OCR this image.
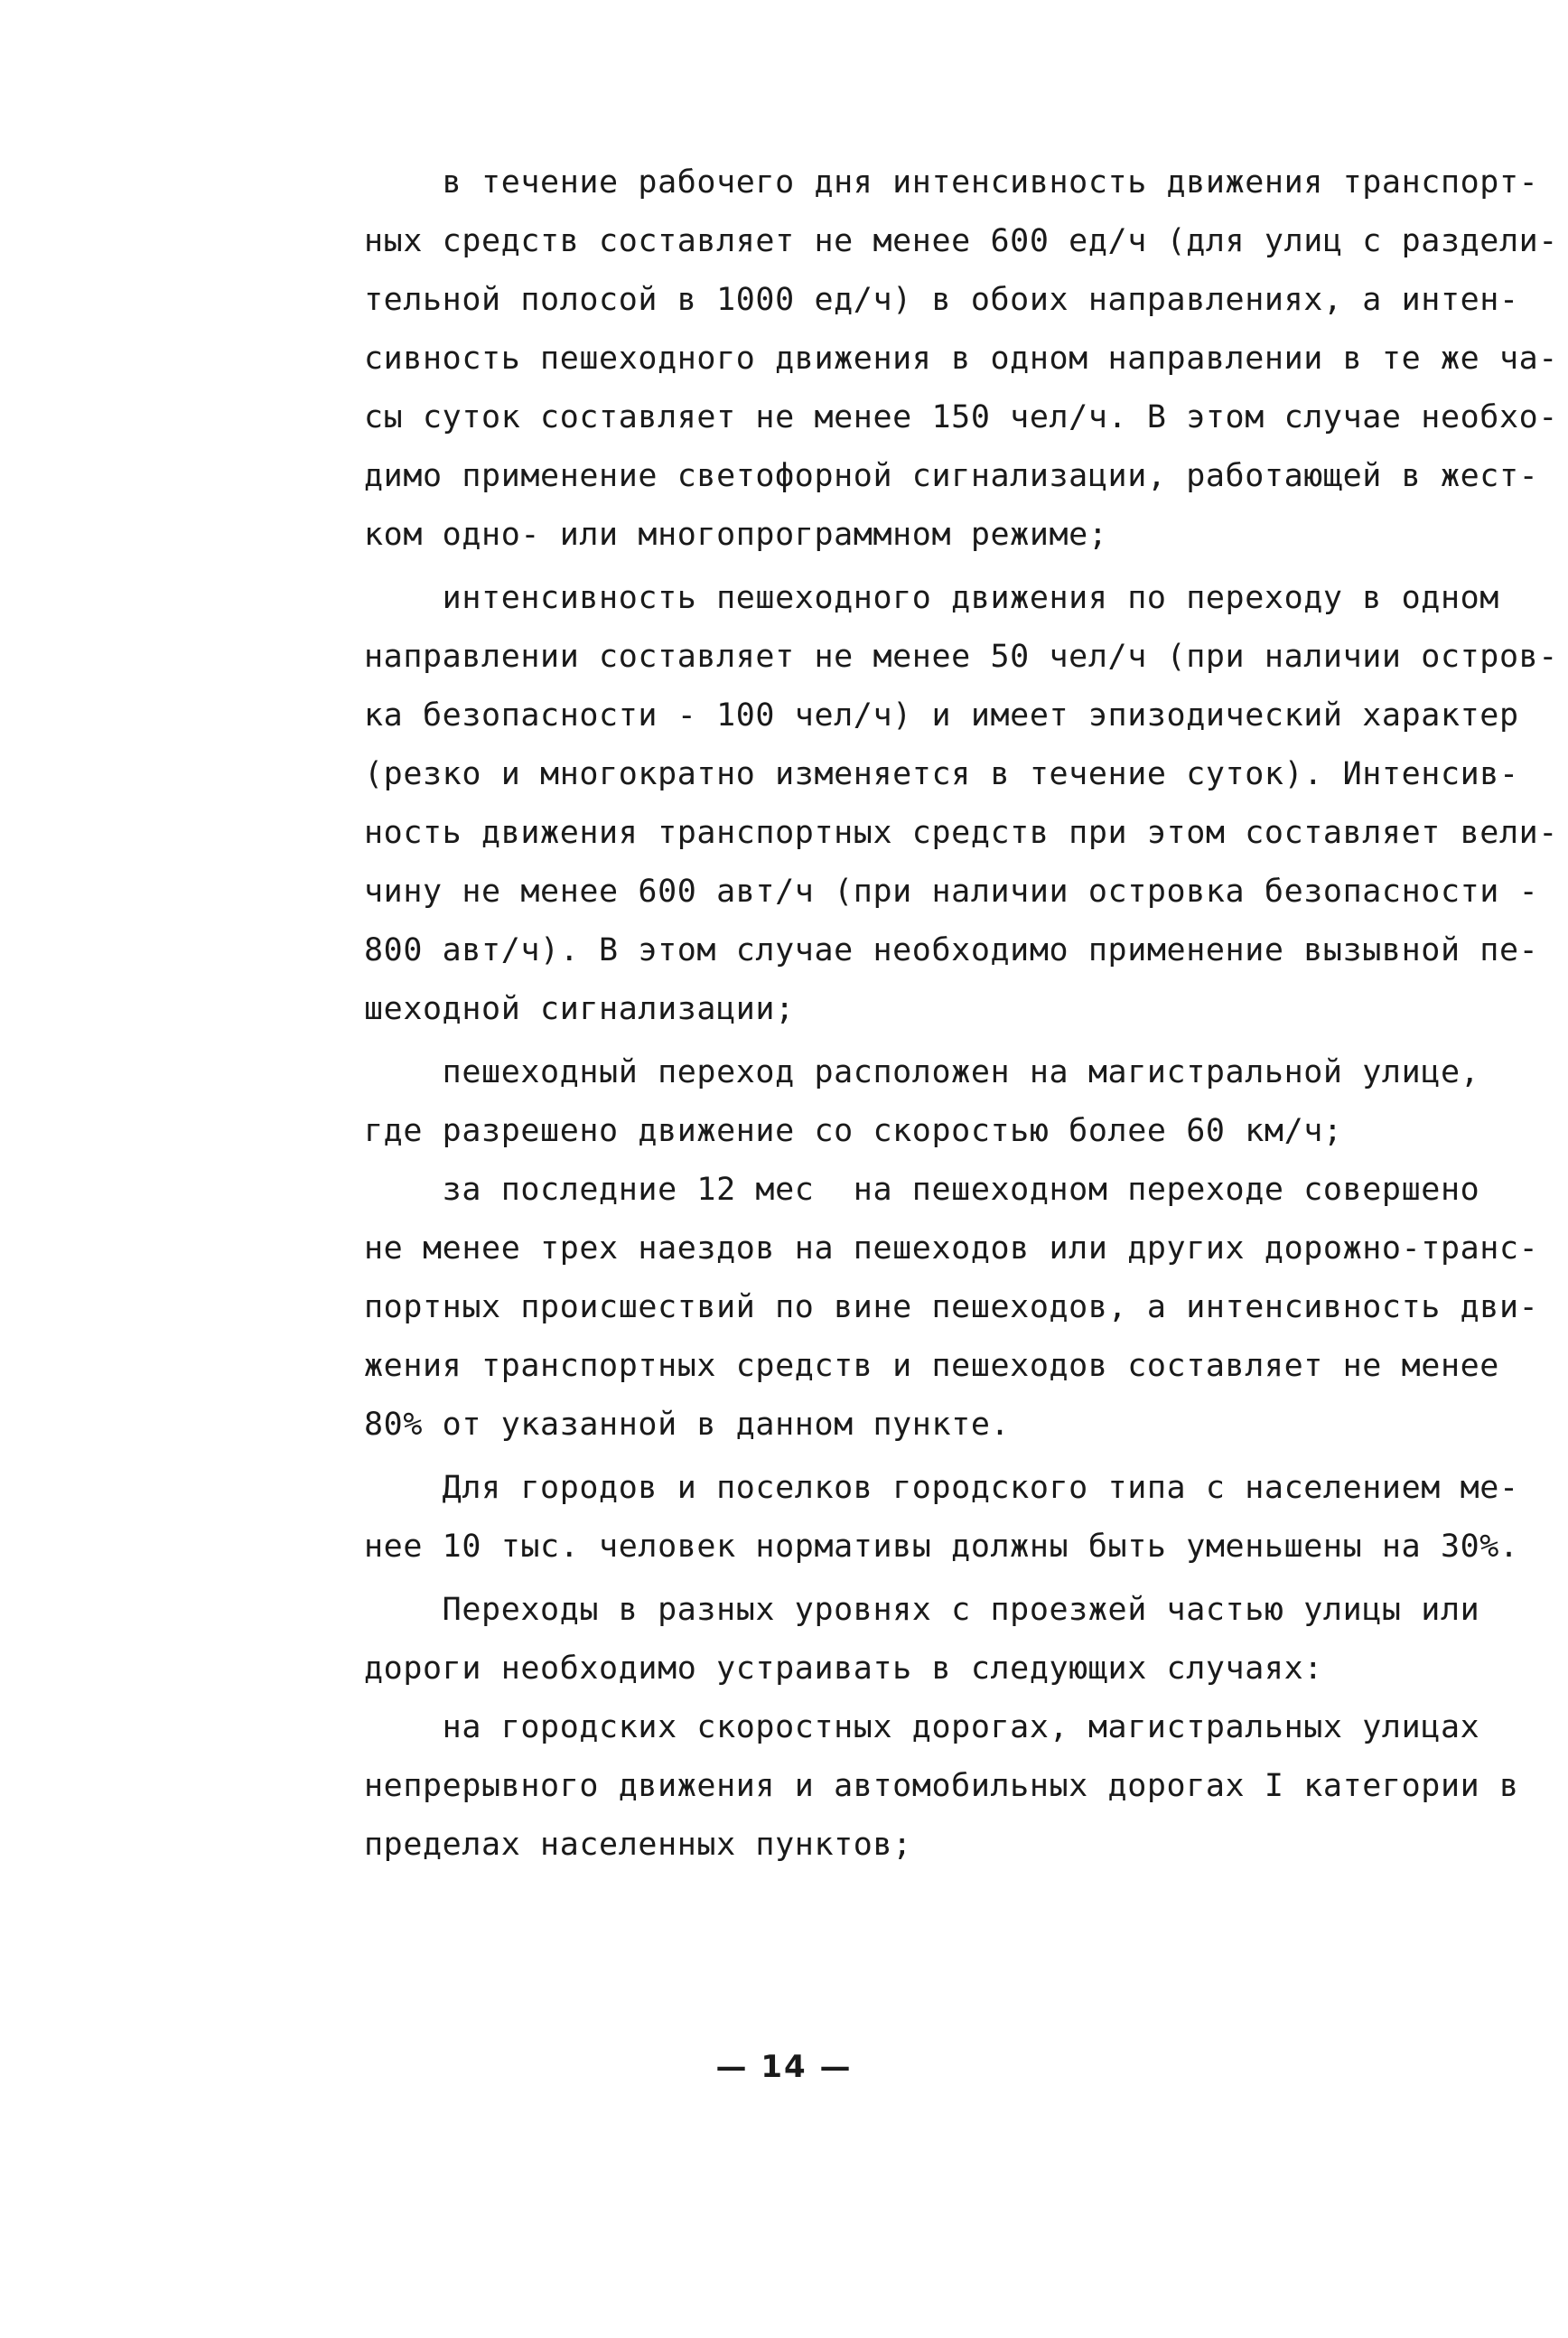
в течение рабочего дня интенсивность движения транспорт-
ных средств составляет не менее 600 ед/ч (для улиц с раздели-
тельной полосой в 1000 ед/ч) в обоих направлениях, а интен-
сивность пешеходного движения в одном направлении в те же ча-
сы суток составляет не менее 150 чел/ч. В этом случае необхо-
димо применение светофорной сигнализации, работающей в жест-
ком одно- или многопрограммном режиме;
интенсивность пешеходного движения по переходу в одном
направлении составляет не менее 50 чел/ч (при наличии остров-
ка безопасности - 100 чел/ч) и имеет эпизодический характер
(резко и многократно изменяется в течение суток). Интенсив-
ность движения транспортных средств при этом составляет вели-
чину не менее 600 авт/ч (при наличии островка безопасности -
800 авт/ч). В этом случае необходимо применение вызывной пе-
шеходной сигнализации;
пешеходный переход расположен на магистральной улице,
где разрешено движение со скоростью более 60 км/ч;
за последние 12 мес  на пешеходном переходе совершено
не менее трех наездов на пешеходов или других дорожно-транс-
портных происшествий по вине пешеходов, а интенсивность дви-
жения транспортных средств и пешеходов составляет не менее
80% от указанной в данном пункте.
Для городов и поселков городского типа с населением ме-
нее 10 тыс. человек нормативы должны быть уменьшены на 30%.
Переходы в разных уровнях с проезжей частью улицы или
дороги необходимо устраивать в следующих случаях:
на городских скоростных дорогах, магистральных улицах
непрерывного движения и автомобильных дорогах I категории в
пределах населенных пунктов;
— 14 —
